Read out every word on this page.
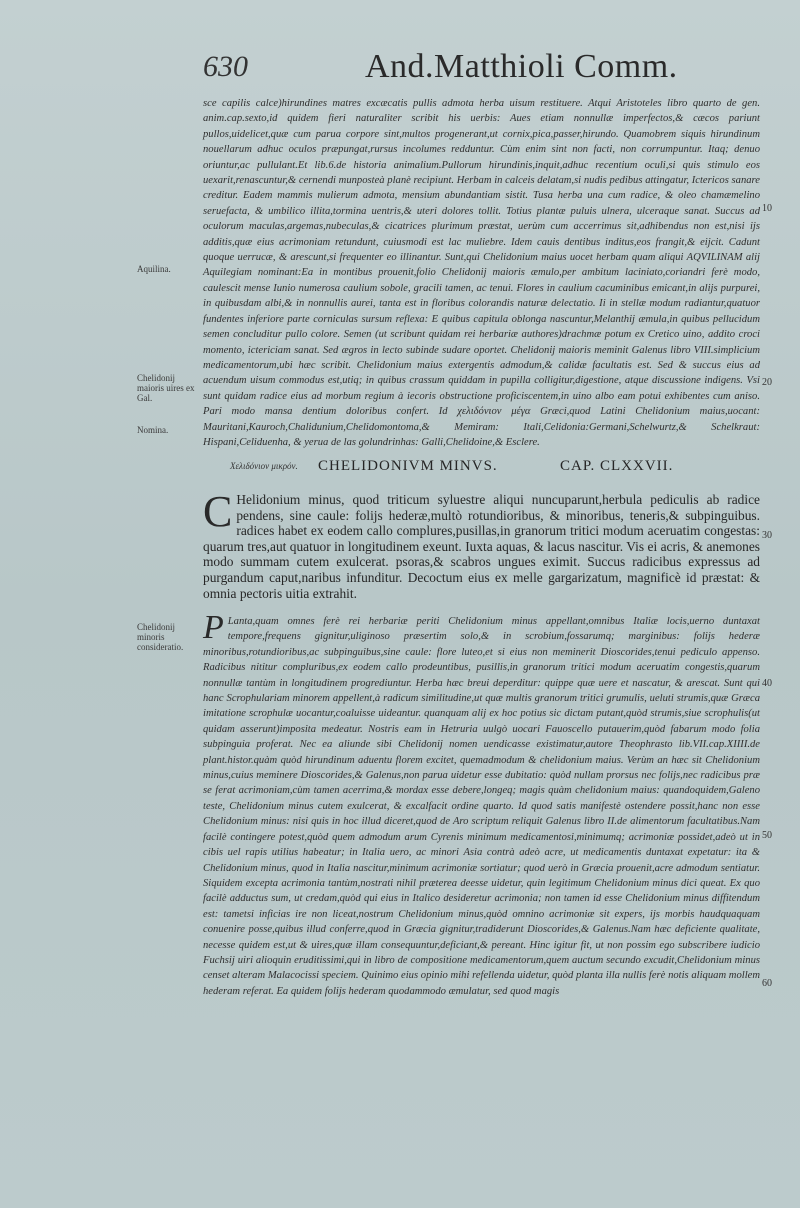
630	And.Matthioli Comm.

sce capilis calce)hirundines matres excæcatis pullis admota herba uisum restituere. Atqui Aristoteles libro quarto de gen. anim.cap.sexto,id quidem fieri naturaliter scribit his uerbis: Aues etiam nonnullæ imperfectos,& cæcos pariunt pullos,uidelicet,quæ cum parua corpore sint,multos progenerant,ut cornix,pica,passer,hirundo. Quamobrem siquis hirundinum nouellarum adhuc oculos præpungat,rursus incolumes redduntur. Cùm enim sint non facti, non corrumpuntur. Itaq; denuo oriuntur,ac pullulant.Et lib.6.de historia animalium.Pullorum hirundinis,inquit,adhuc recentium oculi,si quis stimulo eos uexarit,renascuntur,& cernendi munposteà planè recipiunt. Herbam in calceis delatam,si nudis pedibus attingatur, Ictericos sanare creditur. Eadem mammis mulierum admota, mensium abundantiam sistit. Tusa herba una cum radice, & oleo chamæmelino seruefacta, & umbilico illita,tormina uentris,& uteri dolores tollit. Totius plantæ puluis ulnera, ulceraque sanat. Succus ad oculorum maculas,argemas,nubeculas,& cicatrices plurimum præstat, uerùm cum accerrimus sit,adhibendus non est,nisi ijs additis,quæ eius acrimoniam retundunt, cuiusmodi est lac muliebre. Idem cauis dentibus inditus,eos frangit,& eijcit. Cadunt quoque uerrucæ, & arescunt,si frequenter eo illinantur. Sunt,qui Chelidonium maius uocet herbam quam aliqui AQVILINAM alij Aquilegiam nominant:Ea in montibus prouenit,folio Chelidonij maioris æmulo,per ambitum laciniato,coriandri ferè modo, caulescit mense Iunio numerosa caulium sobole, gracili tamen, ac tenui. Flores in caulium cacuminibus emicant,in alijs purpurei, in quibusdam albi,& in nonnullis aurei, tanta est in floribus colorandis naturæ delectatio. Ii in stellæ modum radiantur,quatuor fundentes inferiore parte corniculas sursum reflexa: E quibus capitula oblonga nascuntur,Melanthij æmula,in quibus pellucidum semen concluditur pullo colore. Semen (ut scribunt quidam rei herbariæ authores)drachmæ potum ex Cretico uino, addito croci momento, ictericiam sanat. Sed ægros in lecto subinde sudare oportet. Chelidonij maioris meminit Galenus libro VIII.simplicium medicamentorum,ubi hæc scribit. Chelidonium maius extergentis admodum,& calidæ facultatis est. Sed & succus eius ad acuendum uisum commodus est,utiq; in quibus crassum quiddam in pupilla colligitur,digestione, atque discussione indigens. Vsi sunt quidam radice eius ad morbum regium à iecoris obstructione proficiscentem,in uino albo eam potui exhibentes cum aniso. Pari modo mansa dentium doloribus confert. Id χελιδόνιον μέγα Græci,quod Latini Chelidonium maius,uocant: Mauritani,Kauroch,Chalidunium,Chelidomontoma,& Memiram: Itali,Celidonia:Germani,Schelwurtz,& Schelkraut: Hispani,Celiduenha, & yerua de las golundrinhas: Galli,Chelidoine,& Esclere.

Aquilina.
Chelidonij maioris uires ex Gal.
Nomina.
Chelidonij minoris consideratio.
10
20
30
40
50
60
Χελιδόνιον μικρόν. CHELIDONIVM MINVS.	CAP. CLXXVII.

C Helidonium minus, quod triticum syluestre aliqui nuncuparunt,herbula pediculis ab radice pendens, sine caule: folijs hederæ,multò rotundioribus, & minoribus, teneris,& subpinguibus. radices habet ex eodem callo complures,pusillas,in granorum tritici modum aceruatim congestas: quarum tres,aut quatuor in longitudinem exeunt. Iuxta aquas, & lacus nascitur. Vis ei acris, & anemones modo summam cutem exulcerat. psoras,& scabros ungues eximit. Succus radicibus expressus ad purgandum caput,naribus infunditur. Decoctum eius ex melle gargarizatum, magnificè id præstat: & omnia pectoris uitia extrahit.

P Lanta,quam omnes ferè rei herbariæ periti Chelidonium minus appellant,omnibus Italiæ locis,uerno duntaxat tempore,frequens gignitur,uliginoso præsertim solo,& in scrobium,fossarumq; marginibus: folijs hederæ minoribus,rotundioribus,ac subpinguibus,sine caule: flore luteo,et si eius non meminerit Dioscorides,tenui pediculo appenso. Radicibus nititur compluribus,ex eodem callo prodeuntibus, pusillis,in granorum tritici modum aceruatim congestis,quarum nonnullæ tantùm in longitudinem progrediuntur. Herba hæc breui deperditur: quippe quæ uere et nascatur, & arescat. Sunt qui hanc Scrophulariam minorem appellent,à radicum similitudine,ut quæ multis granorum tritici grumulis, ueluti strumis,quæ Græca imitatione scrophulæ uocantur,coaluisse uideantur. quanquam alij ex hoc potius sic dictam putant,quòd strumis,siue scrophulis(ut quidam asserunt)imposita medeatur. Nostris eam in Hetruria uulgò uocari Fauoscello putauerim,quòd fabarum modo folia subpinguia proferat. Nec ea aliunde sibi Chelidonij nomen uendicasse existimatur,autore Theophrasto lib.VII.cap.XIIII.de plant.histor.quàm quòd hirundinum aduentu florem excitet, quemadmodum & chelidonium maius. Verùm an hæc sit Chelidonium minus,cuius meminere Dioscorides,& Galenus,non parua uidetur esse dubitatio: quòd nullam prorsus nec folijs,nec radicibus præ se ferat acrimoniam,cùm tamen acerrima,& mordax esse debere,longeq; magis quàm chelidonium maius: quandoquidem,Galeno teste, Chelidonium minus cutem exulcerat, & excalfacit ordine quarto. Id quod satis manifestè ostendere possit,hanc non esse Chelidonium minus: nisi quis in hoc illud diceret,quod de Aro scriptum reliquit Galenus libro II.de alimentorum facultatibus.Nam facilè contingere potest,quòd quem admodum arum Cyrenis minimum medicamentosi,minimumq; acrimoniæ possidet,adeò ut in cibis uel rapis utilius habeatur; in Italia uero, ac minori Asia contrà adeò acre, ut medicamentis duntaxat expetatur: ita & Chelidonium minus, quod in Italia nascitur,minimum acrimoniæ sortiatur; quod uerò in Græcia prouenit,acre admodum sentiatur. Siquidem excepta acrimonia tantùm,nostrati nihil præterea deesse uidetur, quin legitimum Chelidonium minus dici queat. Ex quo facilè adductus sum, ut credam,quòd qui eius in Italico desideretur acrimonia; non tamen id esse Chelidonium minus diffitendum est: tametsi inficias ire non liceat,nostrum Chelidonium minus,quòd omnino acrimoniæ sit expers, ijs morbis haudquaquam conuenire posse,quibus illud conferre,quod in Græcia gignitur,tradiderunt Dioscorides,& Galenus.Nam hæc deficiente qualitate, necesse quidem est,ut & uires,quæ illam consequuntur,deficiant,& pereant. Hinc igitur fit, ut non possim ego subscribere iudicio Fuchsij uiri alioquin eruditissimi,qui in libro de compositione medicamentorum,quem auctum secundo excudit,Chelidonium minus censet alteram Malacocissi speciem. Quinimo eius opinio mihi refellenda uidetur, quòd planta illa nullis ferè notis aliquam mollem hederam referat. Ea quidem folijs hederam quodammodo æmulatur, sed quod magis
